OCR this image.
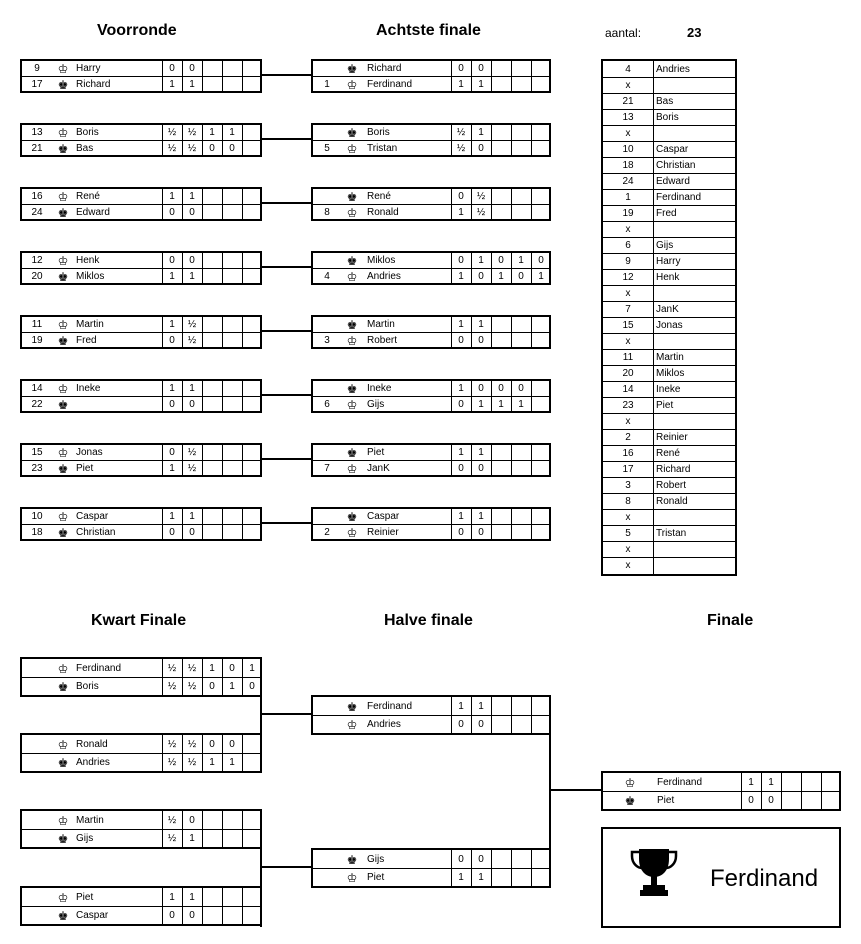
Voorronde	Achtste finale	aantal:	23
Kwart Finale	Halve finale	Finale
9	♔ Harry	0	0
17	♚ Richard	1	1
13	♔ Boris	½	½	1	1
21	♚ Bas	½	½	0	0
16	♔ René	1	1
24	♚ Edward	0	0
12	♔ Henk	0	0
20	♚ Miklos	1	1
11	♔ Martin	1	½
19	♚ Fred	0	½
14	♔ Ineke	1	1
22	♚	0	0
15	♔ Jonas	0	½
23	♚ Piet	1	½
10	♔ Caspar	1	1
18	♚ Christian	0	0
♚ Richard	0	0
1	♔ Ferdinand	1	1
♚ Boris	½	1
5	♔ Tristan	½	0
♚ René	0	½
8	♔ Ronald	1	½
♚ Miklos	0	1	0	1	0
4	♔ Andries	1	0	1	0	1
♚ Martin	1	1
3	♔ Robert	0	0
♚ Ineke	1	0	0	0
6	♔ Gijs	0	1	1	1
♚ Piet	1	1
7	♔ JanK	0	0
♚ Caspar	1	1
2	♔ Reinier	0	0
♔ Ferdinand	½	½	1	0	1
♚ Boris	½	½	0	1	0
♔ Ronald	½	½	0	0
♚ Andries	½	½	1	1
♔ Martin	½	0
♚ Gijs	½	1
♔ Piet	1	1
♚ Caspar	0	0
♚ Ferdinand	1	1
♔ Andries	0	0
♚ Gijs	0	0
♔ Piet	1	1
♔	Ferdinand	1	1
♚	Piet	0	0
4	Andries
x
21	Bas
13	Boris
x
10	Caspar
18	Christian
24	Edward
1	Ferdinand
19	Fred
x
6	Gijs
9	Harry
12	Henk
x
7	JanK
15	Jonas
x
11	Martin
20	Miklos
14	Ineke
23	Piet
x
2	Reinier
16	René
17	Richard
3	Robert
8	Ronald
x
5	Tristan
x
x
Ferdinand
